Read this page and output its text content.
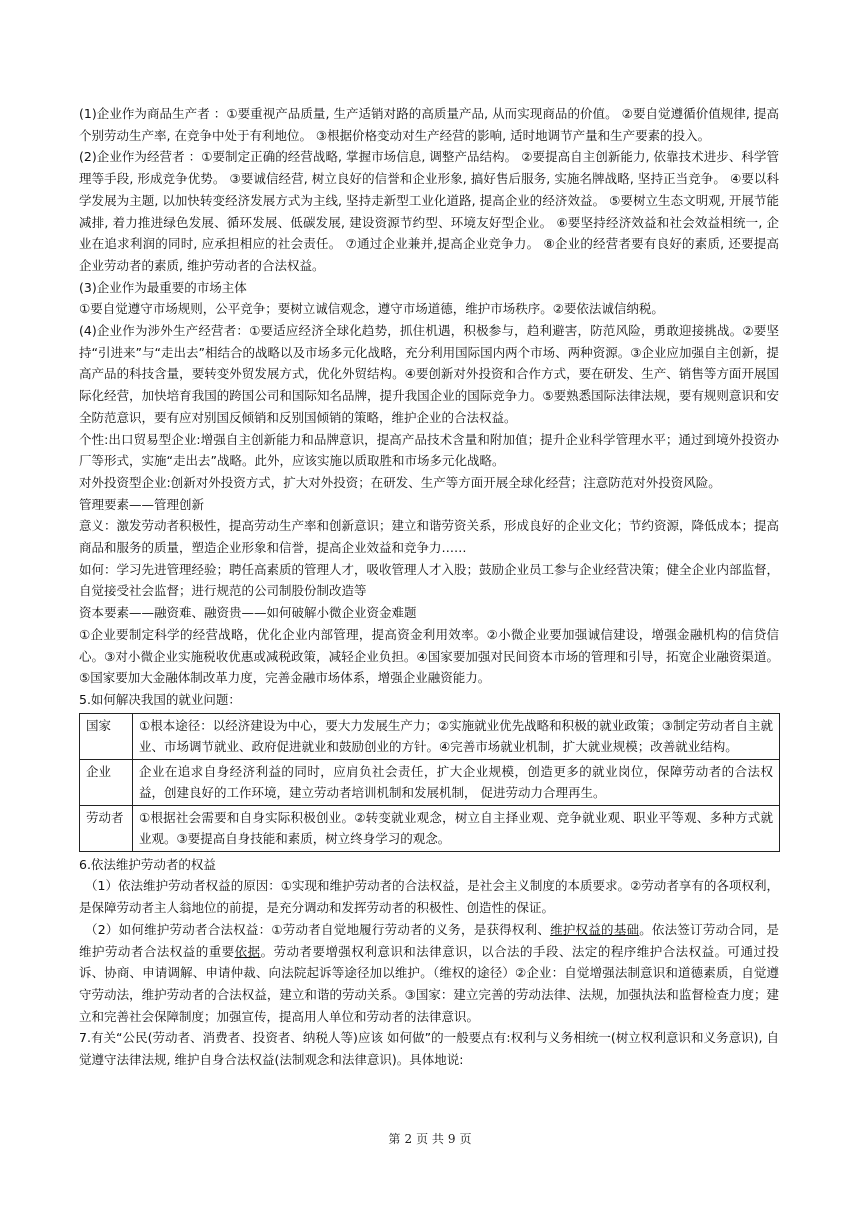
(1)企业作为商品生产者 ：①要重视产品质量, 生产适销对路的高质量产品, 从而实现商品的价值。 ②要自觉遵循价值规律, 提高个别劳动生产率, 在竞争中处于有利地位。 ③根据价格变动对生产经营的影响, 适时地调节产量和生产要素的投入。

(2)企业作为经营者 ：①要制定正确的经营战略, 掌握市场信息, 调整产品结构。 ②要提高自主创新能力, 依靠技术进步、科学管理等手段, 形成竞争优势。 ③要诚信经营, 树立良好的信誉和企业形象, 搞好售后服务, 实施名牌战略, 坚持正当竞争。 ④要以科学发展为主题, 以加快转变经济发展方式为主线, 坚持走新型工业化道路, 提高企业的经济效益。 ⑤要树立生态文明观, 开展节能减排, 着力推进绿色发展、循环发展、低碳发展, 建设资源节约型、环境友好型企业。 ⑥要坚持经济效益和社会效益相统一, 企业在追求利润的同时, 应承担相应的社会责任。 ⑦通过企业兼并,提高企业竞争力。 ⑧企业的经营者要有良好的素质, 还要提高企业劳动者的素质, 维护劳动者的合法权益。

(3)企业作为最重要的市场主体

①要自觉遵守市场规则，公平竞争；要树立诚信观念，遵守市场道德，维护市场秩序。②要依法诚信纳税。

(4)企业作为涉外生产经营者：①要适应经济全球化趋势，抓住机遇，积极参与，趋利避害，防范风险，勇敢迎接挑战。②要坚持“引进来”与“走出去”相结合的战略以及市场多元化战略，充分利用国际国内两个市场、两种资源。③企业应加强自主创新，提高产品的科技含量，要转变外贸发展方式，优化外贸结构。④要创新对外投资和合作方式，要在研发、生产、销售等方面开展国际化经营，加快培育我国的跨国公司和国际知名品牌，提升我国企业的国际竞争力。⑤要熟悉国际法律法规，要有规则意识和安全防范意识，要有应对别国反倾销和反别国倾销的策略，维护企业的合法权益。

个性:出口贸易型企业:增强自主创新能力和品牌意识，提高产品技术含量和附加值；提升企业科学管理水平；通过到境外投资办厂等形式，实施“走出去”战略。此外，应该实施以质取胜和市场多元化战略。

对外投资型企业:创新对外投资方式，扩大对外投资；在研发、生产等方面开展全球化经营；注意防范对外投资风险。

管理要素——管理创新

意义：激发劳动者积极性，提高劳动生产率和创新意识；建立和谐劳资关系，形成良好的企业文化；节约资源，降低成本；提高商品和服务的质量，塑造企业形象和信誉，提高企业效益和竞争力……

如何：学习先进管理经验；聘任高素质的管理人才，吸收管理人才入股；鼓励企业员工参与企业经营决策；健全企业内部监督，自觉接受社会监督；进行规范的公司制股份制改造等

资本要素——融资难、融资贵——如何破解小微企业资金难题

①企业要制定科学的经营战略，优化企业内部管理，提高资金利用效率。②小微企业要加强诚信建设，增强金融机构的信贷信心。③对小微企业实施税收优惠或减税政策，减轻企业负担。④国家要加强对民间资本市场的管理和引导，拓宽企业融资渠道。⑤国家要加大金融体制改革力度，完善金融市场体系，增强企业融资能力。

5.如何解决我国的就业问题：

国家	①根本途径：以经济建设为中心，要大力发展生产力；②实施就业优先战略和积极的就业政策；③制定劳动者自主就业、市场调节就业、政府促进就业和鼓励创业的方针。④完善市场就业机制，扩大就业规模；改善就业结构。
企业	企业在追求自身经济利益的同时，应肩负社会责任，扩大企业规模，创造更多的就业岗位，保障劳动者的合法权益，创建良好的工作环境，建立劳动者培训机制和发展机制， 促进劳动力合理再生。
劳动者	①根据社会需要和自身实际积极创业。②转变就业观念，树立自主择业观、竞争就业观、职业平等观、多种方式就业观。③要提高自身技能和素质，树立终身学习的观念。

6.依法维护劳动者的权益

（1）依法维护劳动者权益的原因：①实现和维护劳动者的合法权益，是社会主义制度的本质要求。②劳动者享有的各项权利，是保障劳动者主人翁地位的前提，是充分调动和发挥劳动者的积极性、创造性的保证。

（2）如何维护劳动者合法权益：①劳动者自觉地履行劳动者的义务，是获得权利、维护权益的基础。依法签订劳动合同，是维护劳动者合法权益的重要依据。劳动者要增强权利意识和法律意识，以合法的手段、法定的程序维护合法权益。可通过投诉、协商、申请调解、申请仲裁、向法院起诉等途径加以维护。（维权的途径）②企业：自觉增强法制意识和道德素质，自觉遵守劳动法，维护劳动者的合法权益，建立和谐的劳动关系。③国家：建立完善的劳动法律、法规，加强执法和监督检查力度；建立和完善社会保障制度；加强宣传，提高用人单位和劳动者的法律意识。

7.有关“公民(劳动者、消费者、投资者、纳税人等)应该 如何做”的一般要点有:权利与义务相统一(树立权利意识和义务意识), 自觉遵守法律法规, 维护自身合法权益(法制观念和法律意识)。具体地说:

第 2 页 共 9 页
